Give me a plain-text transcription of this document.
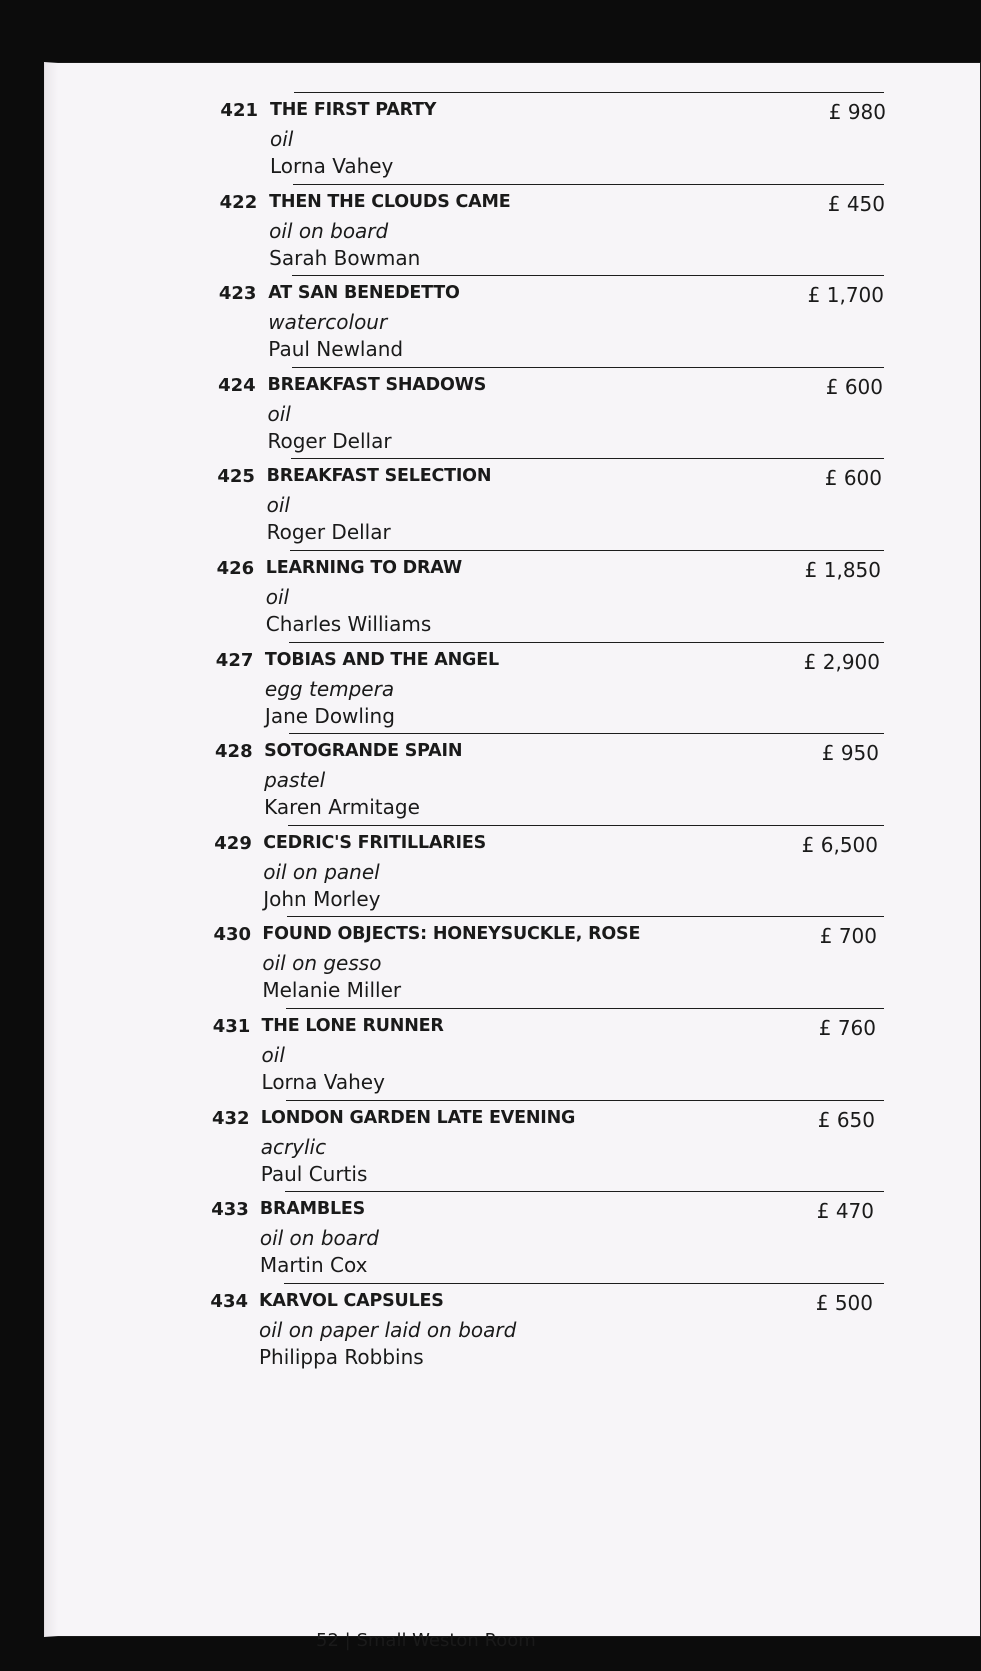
421 THE FIRST PARTY
oil
Lorna Vahey
£ 980
422 THEN THE CLOUDS CAME
oil on board
Sarah Bowman
£ 450
423 AT SAN BENEDETTO
watercolour
Paul Newland
£ 1,700
424 BREAKFAST SHADOWS
oil
Roger Dellar
£ 600
425 BREAKFAST SELECTION
oil
Roger Dellar
£ 600
426 LEARNING TO DRAW
oil
Charles Williams
£ 1,850
427 TOBIAS AND THE ANGEL
egg tempera
Jane Dowling
£ 2,900
428 SOTOGRANDE SPAIN
pastel
Karen Armitage
£ 950
429 CEDRIC'S FRITILLARIES
oil on panel
John Morley
£ 6,500
430 FOUND OBJECTS: HONEYSUCKLE, ROSE
oil on gesso
Melanie Miller
£ 700
431 THE LONE RUNNER
oil
Lorna Vahey
£ 760
432 LONDON GARDEN LATE EVENING
acrylic
Paul Curtis
£ 650
433 BRAMBLES
oil on board
Martin Cox
£ 470
434 KARVOL CAPSULES
oil on paper laid on board
Philippa Robbins
£ 500
52 | Small Weston Room
